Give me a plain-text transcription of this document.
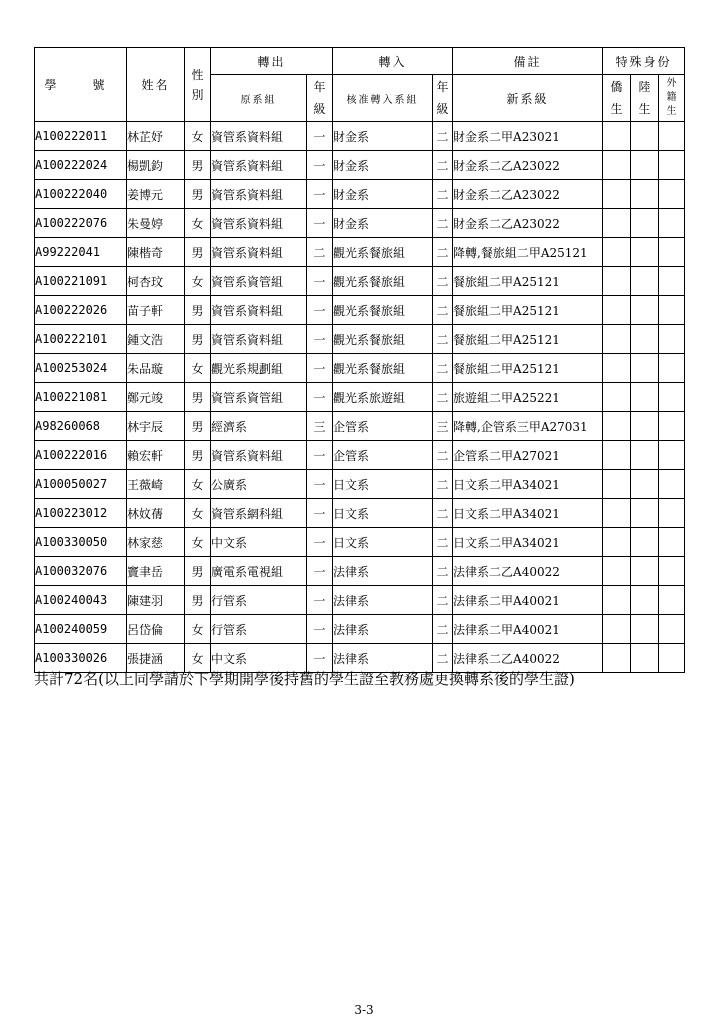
學　號	姓名	性別	轉出		轉入		備註	特殊身份		
			原系組	年級	核准轉入系組	年級	新系級	僑生	陸生	外籍生

A100222011	林芷妤	女	資管系資料組	一	財金系	二	財金系二甲A23021			
A100222024	楊凱鈞	男	資管系資料組	一	財金系	二	財金系二乙A23022			
A100222040	姜博元	男	資管系資料組	一	財金系	二	財金系二乙A23022			
A100222076	朱曼婷	女	資管系資料組	一	財金系	二	財金系二乙A23022			
A99222041	陳楷奇	男	資管系資料組	二	觀光系餐旅組	二	降轉,餐旅組二甲A25121			
A100221091	柯杏玟	女	資管系資管組	一	觀光系餐旅組	二	餐旅組二甲A25121			
A100222026	苗子軒	男	資管系資料組	一	觀光系餐旅組	二	餐旅組二甲A25121			
A100222101	鍾文浩	男	資管系資料組	一	觀光系餐旅組	二	餐旅組二甲A25121			
A100253024	朱品璇	女	觀光系規劃組	一	觀光系餐旅組	二	餐旅組二甲A25121			
A100221081	鄭元竣	男	資管系資管組	一	觀光系旅遊組	二	旅遊組二甲A25221			
A98260068	林宇辰	男	經濟系	三	企管系	三	降轉,企管系三甲A27031			
A100222016	賴宏軒	男	資管系資料組	一	企管系	二	企管系二甲A27021			
A100050027	王薇崎	女	公廣系	一	日文系	二	日文系二甲A34021			
A100223012	林妏蒨	女	資管系網科組	一	日文系	二	日文系二甲A34021			
A100330050	林家慈	女	中文系	一	日文系	二	日文系二甲A34021			
A100032076	竇聿岳	男	廣電系電視組	一	法律系	二	法律系二乙A40022			
A100240043	陳建羽	男	行管系	一	法律系	二	法律系二甲A40021			
A100240059	呂岱倫	女	行管系	一	法律系	二	法律系二甲A40021			
A100330026	張捷涵	女	中文系	一	法律系	二	法律系二乙A40022			
共計72名(以上同學請於下學期開學後持舊的學生證至教務處更換轉系後的學生證)
3-3
